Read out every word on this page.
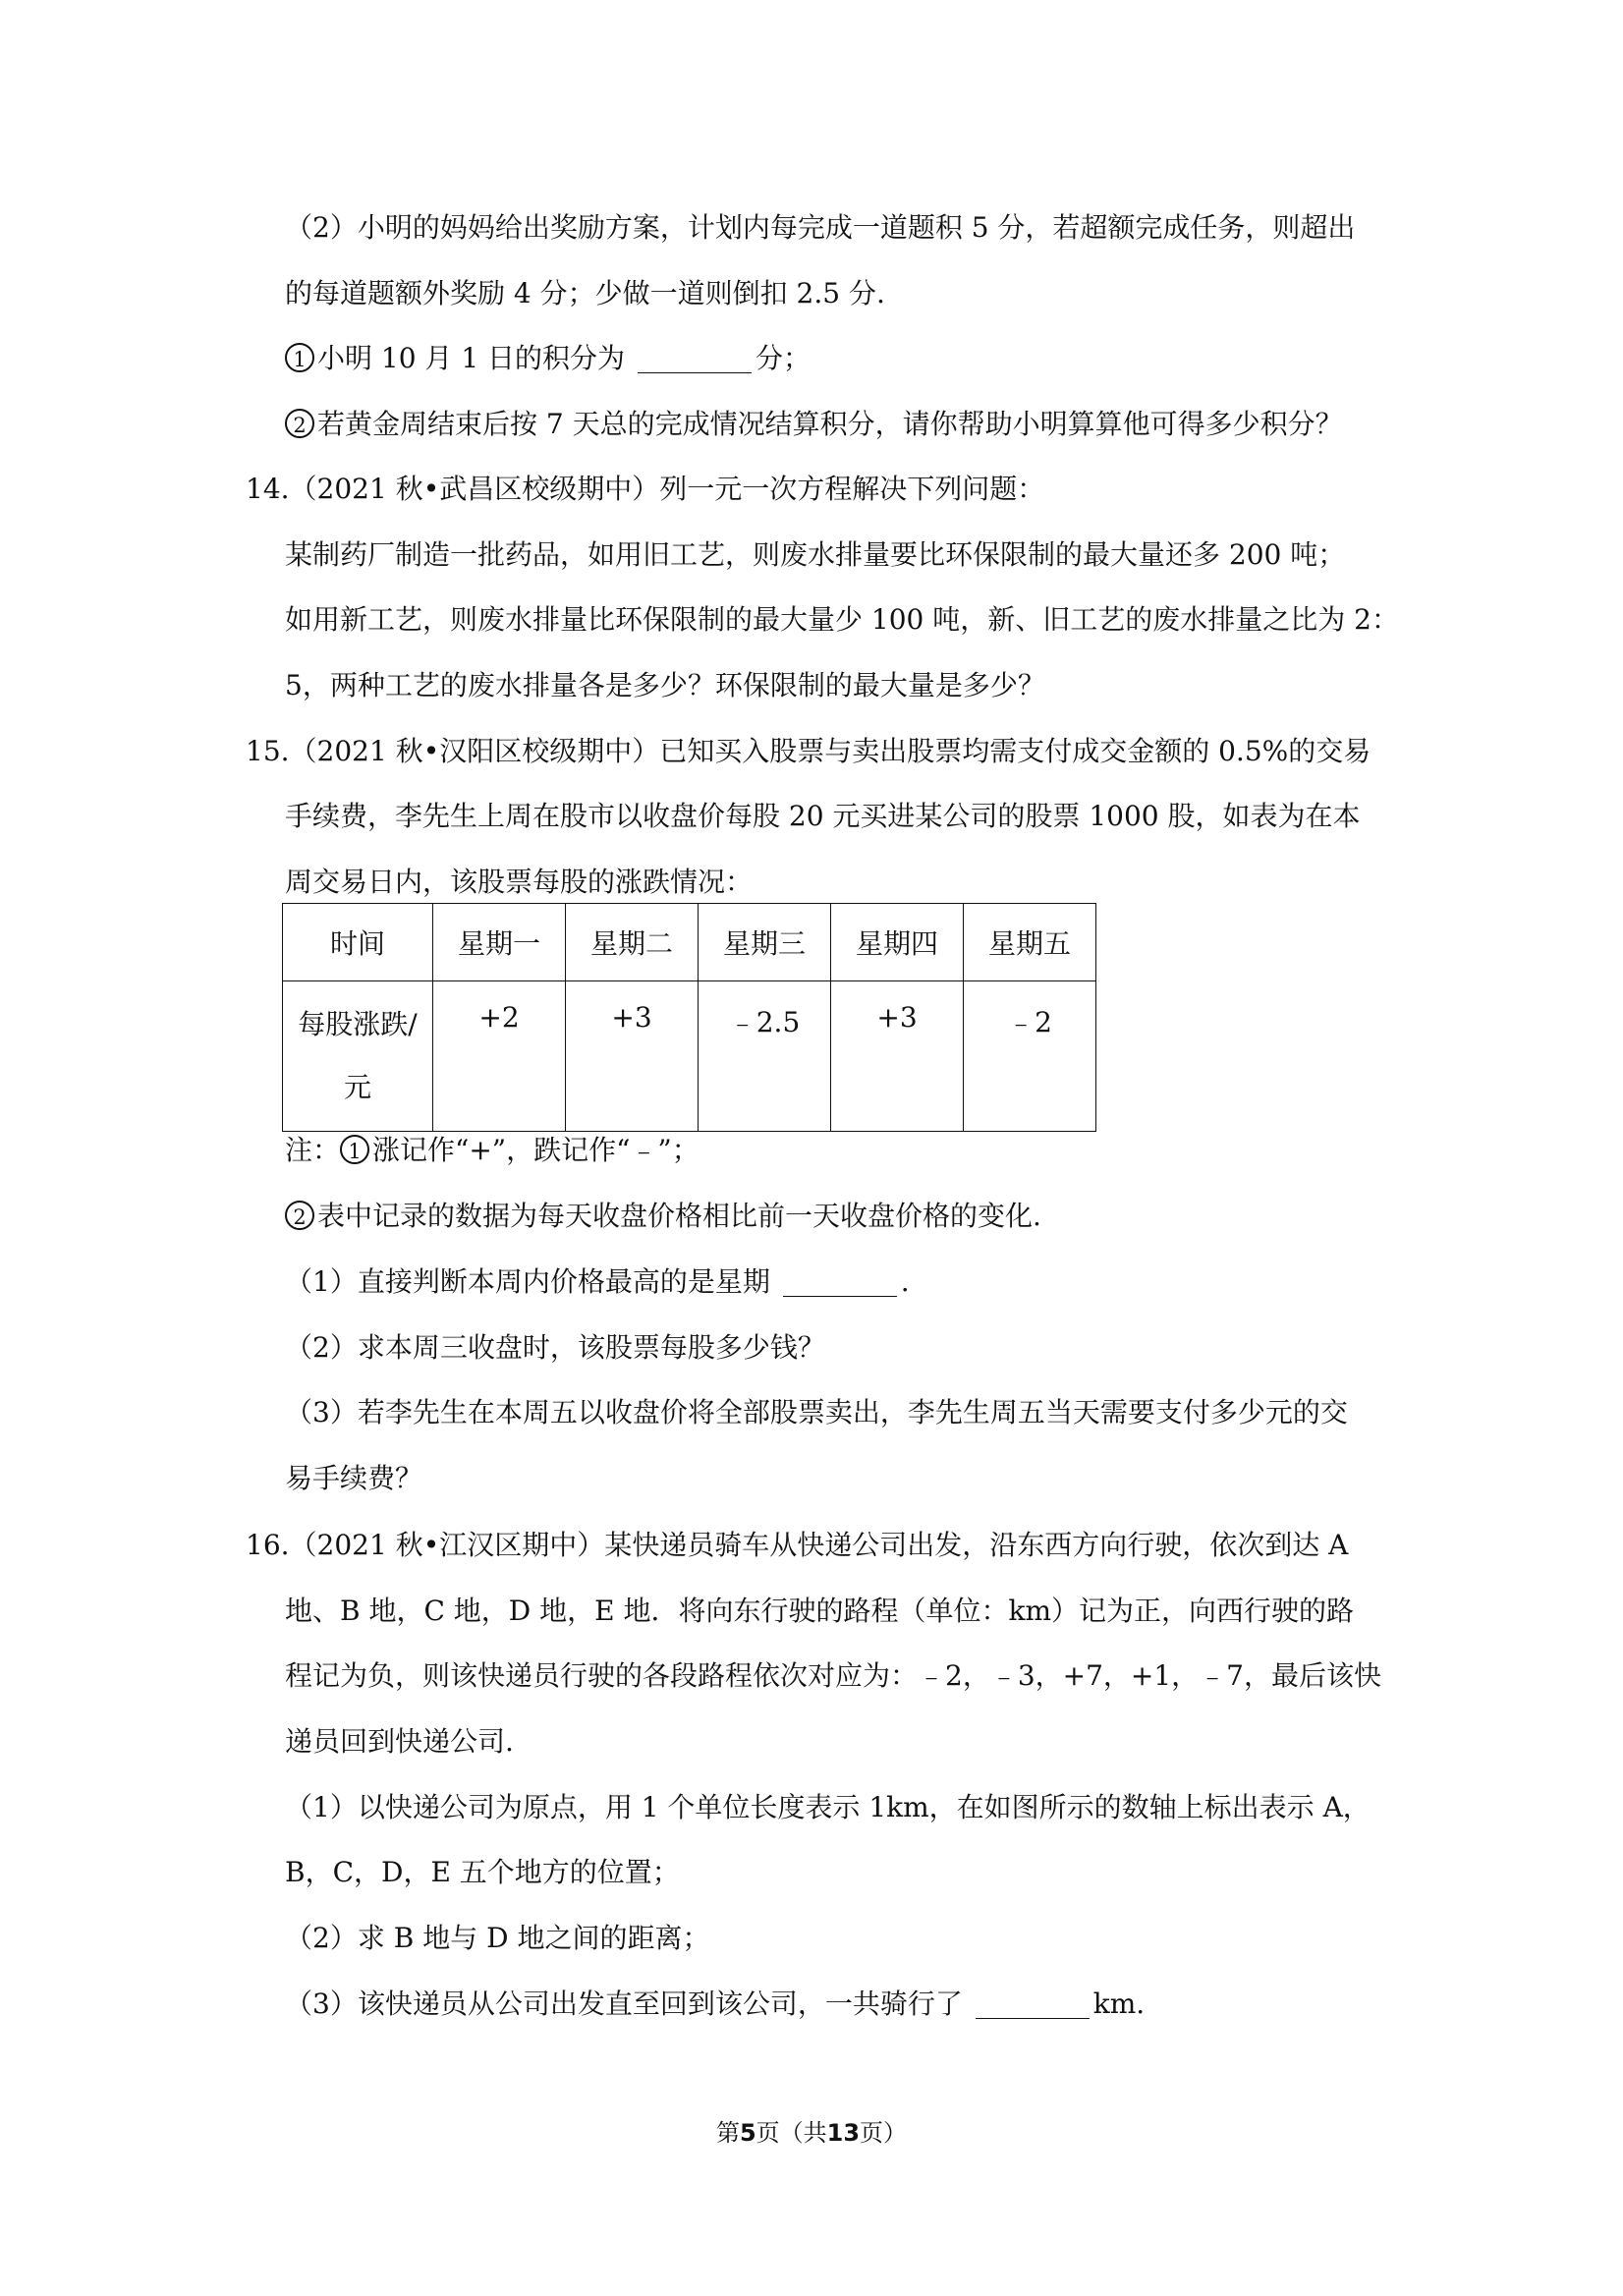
（2）小明的妈妈给出奖励方案，计划内每完成一道题积 5 分，若超额完成任务，则超出
的每道题额外奖励 4 分；少做一道则倒扣 2.5 分.
1 小明 10 月 1 日的积分为	分；
2 若黄金周结束后按 7 天总的完成情况结算积分，请你帮助小明算算他可得多少积分？
14.（2021 秋•武昌区校级期中）列一元一次方程解决下列问题：
某制药厂制造一批药品，如用旧工艺，则废水排量要比环保限制的最大量还多 200 吨；
如用新工艺，则废水排量比环保限制的最大量少 100 吨，新、旧工艺的废水排量之比为 2：
5，两种工艺的废水排量各是多少？环保限制的最大量是多少？
15.（2021 秋•汉阳区校级期中）已知买入股票与卖出股票均需支付成交金额的 0.5%的交易
手续费，李先生上周在股市以收盘价每股 20 元买进某公司的股票 1000 股，如表为在本
周交易日内，该股票每股的涨跌情况：
时间	星期一	星期二	星期三	星期四	星期五
每股涨跌/
元	+2	+3	﹣2.5	+3	﹣2
注： 1 涨记作“+”，跌记作“﹣”；
2 表中记录的数据为每天收盘价格相比前一天收盘价格的变化.
（1）直接判断本周内价格最高的是星期	.
（2）求本周三收盘时，该股票每股多少钱？
（3）若李先生在本周五以收盘价将全部股票卖出，李先生周五当天需要支付多少元的交
易手续费？
16.（2021 秋•江汉区期中）某快递员骑车从快递公司出发，沿东西方向行驶，依次到达 A
地、B 地，C 地，D 地，E 地．将向东行驶的路程（单位：km）记为正，向西行驶的路
程记为负，则该快递员行驶的各段路程依次对应为：﹣2，﹣3，+7，+1，﹣7，最后该快
递员回到快递公司.
（1）以快递公司为原点，用 1 个单位长度表示 1km，在如图所示的数轴上标出表示 A，
B，C，D，E 五个地方的位置；
（2）求 B 地与 D 地之间的距离；
（3）该快递员从公司出发直至回到该公司，一共骑行了	km.
第5页（共13页）
